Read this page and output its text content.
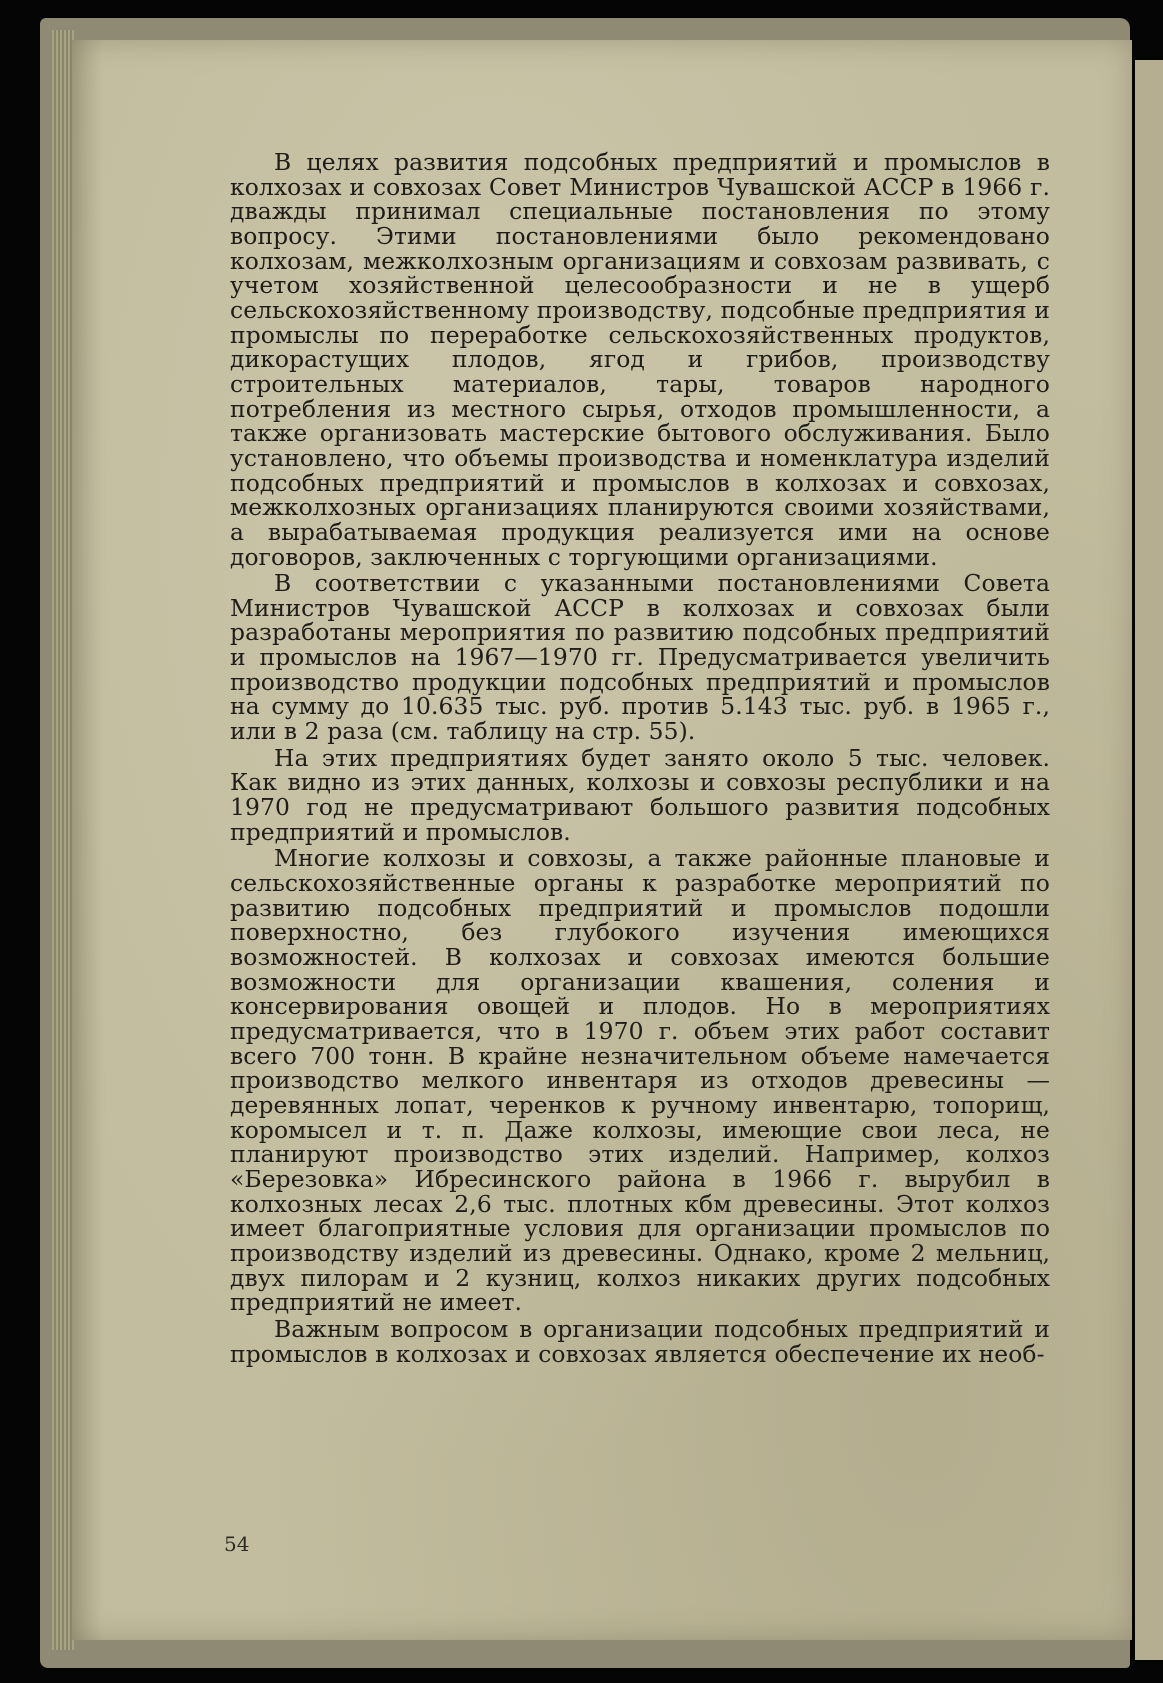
В целях развития подсобных предприятий и промыслов в колхозах и совхозах Совет Министров Чувашской АССР в 1966 г. дважды принимал специальные постановления по этому вопросу. Этими постановлениями было рекомендовано колхозам, межколхозным организациям и совхозам развивать, с учетом хозяйственной целесообразности и не в ущерб сельскохозяйственному производству, подсобные предприятия и промыслы по переработке сельскохозяйственных продуктов, дикорастущих плодов, ягод и грибов, производству строительных материалов, тары, товаров народного потребления из местного сырья, отходов промышленности, а также организовать мастерские бытового обслуживания. Было установлено, что объемы производства и номенклатура изделий подсобных предприятий и промыслов в колхозах и совхозах, межколхозных организациях планируются своими хозяйствами, а вырабатываемая продукция реализуется ими на основе договоров, заключенных с торгующими организациями.

В соответствии с указанными постановлениями Совета Министров Чувашской АССР в колхозах и совхозах были разработаны мероприятия по развитию подсобных предприятий и промыслов на 1967—1970 гг. Предусматривается увеличить производство продукции подсобных предприятий и промыслов на сумму до 10.635 тыс. руб. против 5.143 тыс. руб. в 1965 г., или в 2 раза (см. таблицу на стр. 55).

На этих предприятиях будет занято около 5 тыс. человек. Как видно из этих данных, колхозы и совхозы республики и на 1970 год не предусматривают большого развития подсобных предприятий и промыслов.

Многие колхозы и совхозы, а также районные плановые и сельскохозяйственные органы к разработке мероприятий по развитию подсобных предприятий и промыслов подошли поверхностно, без глубокого изучения имеющихся возможностей. В колхозах и совхозах имеются большие возможности для организации квашения, соления и консервирования овощей и плодов. Но в мероприятиях предусматривается, что в 1970 г. объем этих работ составит всего 700 тонн. В крайне незначительном объеме намечается производство мелкого инвентаря из отходов древесины — деревянных лопат, черенков к ручному инвентарю, топорищ, коромысел и т. п. Даже колхозы, имеющие свои леса, не планируют производство этих изделий. Например, колхоз «Березовка» Ибресинского района в 1966 г. вырубил в колхозных лесах 2,6 тыс. плотных кбм древесины. Этот колхоз имеет благоприятные условия для организации промыслов по производству изделий из древесины. Однако, кроме 2 мельниц, двух пилорам и 2 кузниц, колхоз никаких других подсобных предприятий не имеет.

Важным вопросом в организации подсобных предприятий и промыслов в колхозах и совхозах является обеспечение их необ-

54
